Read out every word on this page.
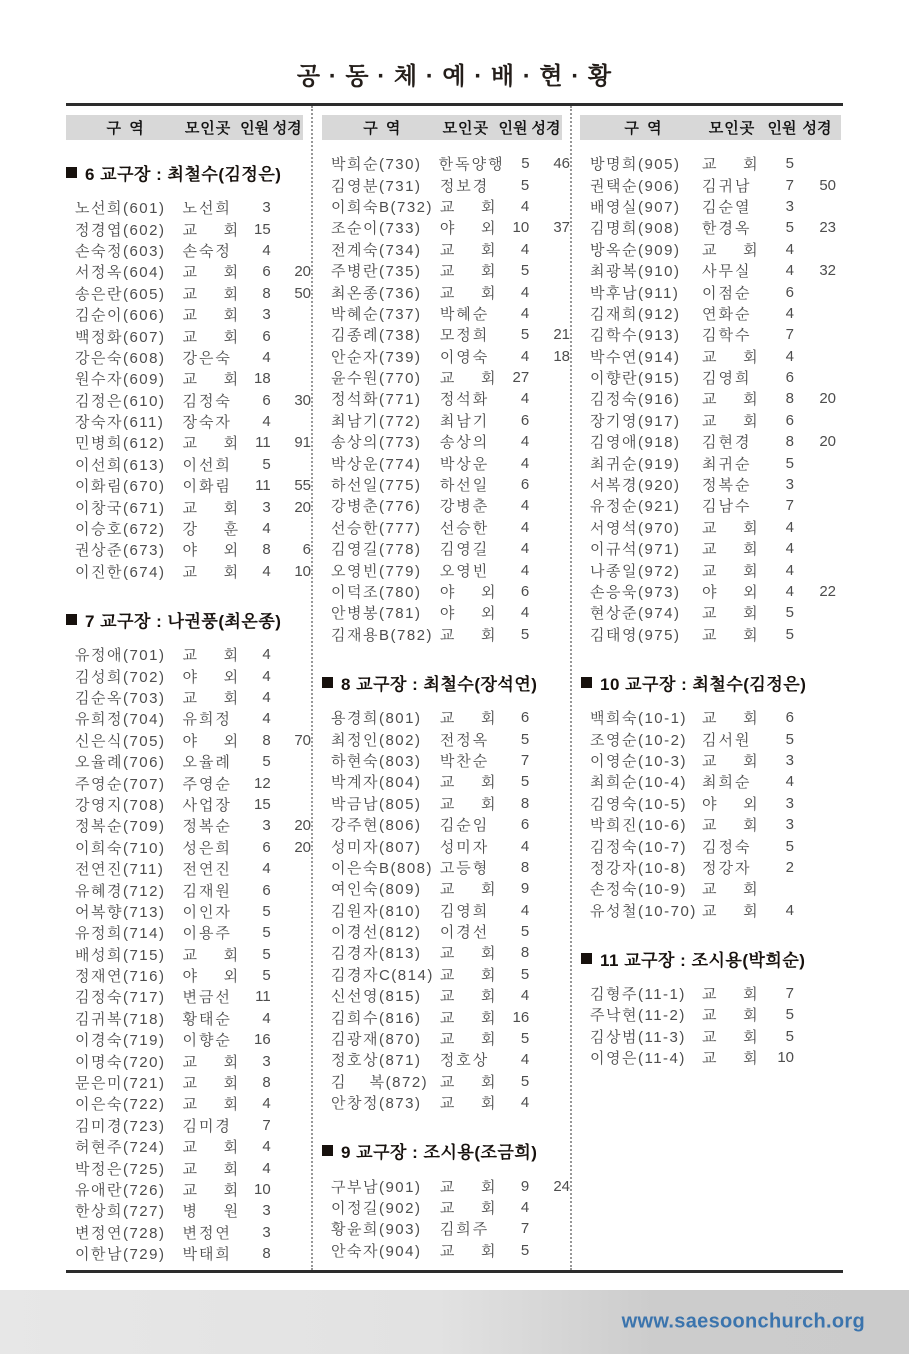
공 · 동 · 체 · 예 · 배 · 현 · 황
구 역	모인곳 인원 성경
6 교구장 : 최철수(김정은)
노선희(601)	노선희	3
정경엽(602)	교    회 15
손숙정(603)	손숙정	4
서정옥(604)	교    회	6	20
송은란(605)	교    회	8	50
김순이(606)	교    회	3
백정화(607)	교    회	6
강은숙(608)	강은숙	4
원수자(609)	교    회 18
김정은(610)	김정숙	6	30
장숙자(611)	장숙자	4
민병희(612)	교    회	11	91
이선희(613)	이선희	5
이화림(670)	이화림	11	55
이창국(671)	교    회	3	20
이승호(672)	강    훈	4
권상준(673)	야    외	8	6
이진한(674)	교    회	4	10
7 교구장 : 나권풍(최온종)
유정애(701)	교    회	4
김성희(702)	야    외	4
김순옥(703)	교    회	4
유희정(704)	유희정	4
신은식(705)	야    외	8	70
오율례(706)	오율례	5
주영순(707)	주영순	12
강영지(708)	사업장	15
정복순(709)	정복순	3	20
이희숙(710)	성은희	6	20
전연진(711)	전연진	4
유혜경(712)	김재원	6
어복향(713)	이인자	5
유정희(714)	이용주	5
배성희(715)	교    회	5
정재연(716)	야    외	5
김정숙(717)	변금선	11
김귀복(718)	황태순	4
이경숙(719)	이향순	16
이명숙(720)	교    회	3
문은미(721)	교    회	8
이은숙(722)	교    회	4
김미경(723)	김미경	7
허현주(724)	교    회	4
박정은(725)	교    회	4
유애란(726)	교    회 10
한상희(727)	병    원	3
변정연(728)	변정연	3
이한남(729)	박태희	8
구 역	모인곳 인원 성경
박희순(730)	한독양행	5	46
김영분(731)	정보경	5
이희숙B(732) 교    회	4
조순이(733)	야    외	10	37
전계숙(734)	교    회	4
주병란(735)	교    회	5
최온종(736)	교    회	4
박혜순(737)	박혜순	4
김종례(738)	모정희	5	21
안순자(739)	이영숙	4	18
윤수원(770)	교    회	27
정석화(771)	정석화	4
최남기(772)	최남기	6
송상의(773)	송상의	4
박상운(774)	박상운	4
하선일(775)	하선일	6
강병춘(776)	강병춘	4
선승한(777)	선승한	4
김영길(778)	김영길	4
오영빈(779)	오영빈	4
이덕조(780)	야    외	6
안병봉(781)	야    외	4
김재용B(782) 교    회	5
8 교구장 : 최철수(장석연)
용경희(801)	교    회	6
최정인(802)	전정옥	5
하현숙(803)	박찬순	7
박계자(804)	교    회	5
박금남(805)	교    회	8
강주현(806)	김순임	6
성미자(807)	성미자	4
이은숙B(808) 고등형	8
여인숙(809)	교    회	9
김원자(810)	김영희	4
이경선(812)	이경선	5
김경자(813)	교    회	8
김경자C(814) 교    회	5
신선영(815)	교    회	4
김희수(816)	교    회	16
김광재(870)	교    회	5
정호상(871)	정호상	4
김    복(872) 교    회	5
안창정(873)	교    회	4
9 교구장 : 조시용(조금희)
구부남(901)	교    회	9	24
이정길(902)	교    회	4
황윤희(903)	김희주	7
안숙자(904)	교    회	5
구 역	모인곳 인원 성경
방명희(905)	교    회	5
권택순(906)	김귀남	7	50
배영실(907)	김순열	3
김명희(908)	한경옥	5	23
방옥순(909)	교    회	4
최광복(910)	사무실	4	32
박후남(911)	이점순	6
김재희(912)	연화순	4
김학수(913)	김학수	7
박수연(914)	교    회	4
이향란(915)	김영희	6
김정숙(916)	교    회	8	20
장기영(917)	교    회	6
김영애(918)	김현경	8	20
최귀순(919)	최귀순	5
서복경(920)	정복순	3
유정순(921)	김남수	7
서영석(970)	교    회	4
이규석(971)	교    회	4
나종일(972)	교    회	4
손응욱(973)	야    외	4	22
현상준(974)	교    회	5
김태영(975)	교    회	5
10 교구장 : 최철수(김정은)
백희숙(10-1)	교    회	6
조영순(10-2)	김서원	5
이영순(10-3)	교    회	3
최희순(10-4)	최희순	4
김영숙(10-5)	야    외	3
박희진(10-6)	교    회	3
김정숙(10-7)	김정숙	5
정강자(10-8)	정강자	2
손정숙(10-9)	교    회
유성철(10-70) 교    회	4
11 교구장 : 조시용(박희순)
김형주(11-1)	교    회	7
주낙현(11-2)	교    회	5
김상범(11-3)	교    회	5
이영은(11-4)	교    회	10
www.saesoonchurch.org
